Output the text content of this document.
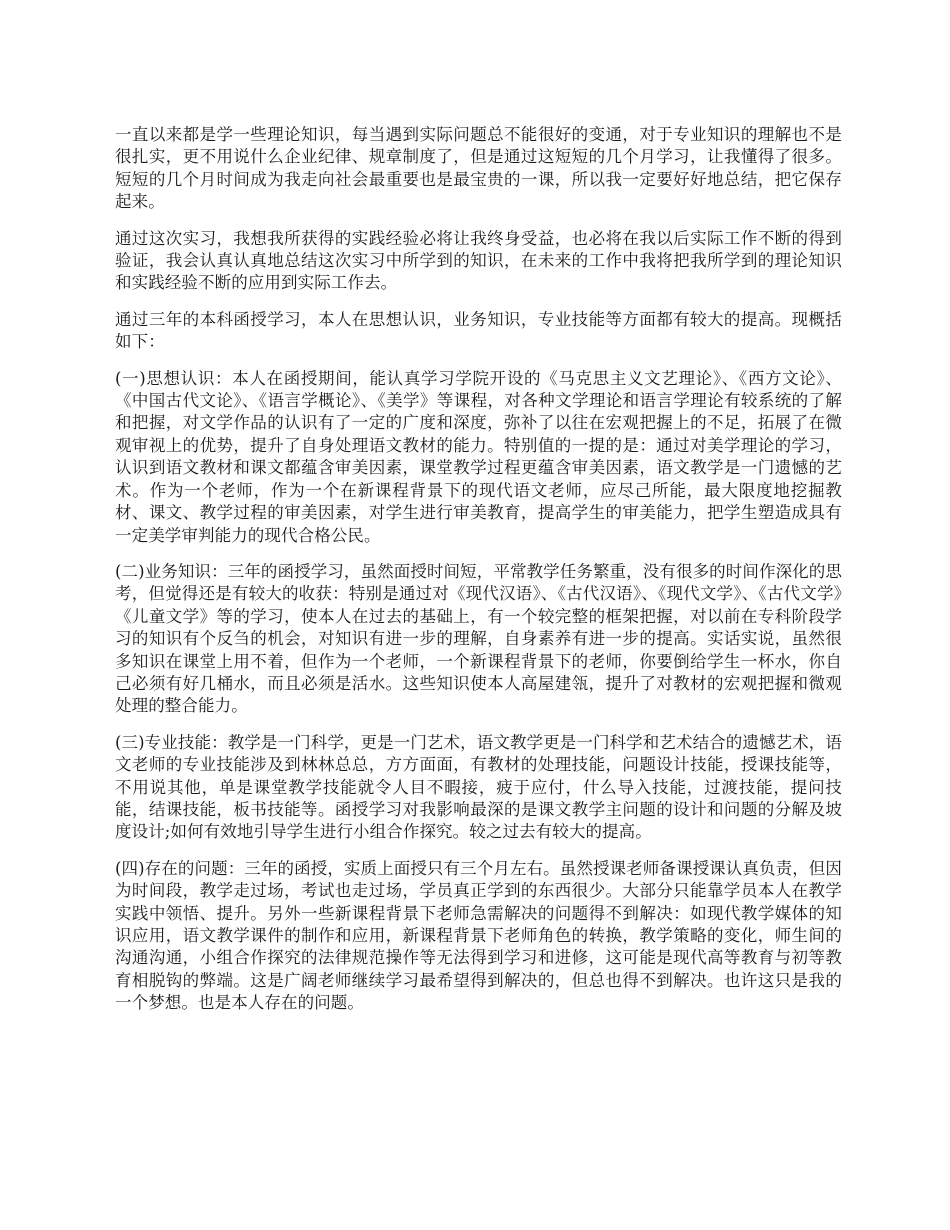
一直以来都是学一些理论知识，每当遇到实际问题总不能很好的变通，对于专业知识的理解也不是很扎实，更不用说什么企业纪律、规章制度了，但是通过这短短的几个月学习，让我懂得了很多。短短的几个月时间成为我走向社会最重要也是最宝贵的一课，所以我一定要好好地总结，把它保存起来。

通过这次实习，我想我所获得的实践经验必将让我终身受益，也必将在我以后实际工作不断的得到验证，我会认真认真地总结这次实习中所学到的知识，在未来的工作中我将把我所学到的理论知识和实践经验不断的应用到实际工作去。

通过三年的本科函授学习，本人在思想认识，业务知识，专业技能等方面都有较大的提高。现概括如下：

(一)思想认识：本人在函授期间，能认真学习学院开设的《马克思主义文艺理论》、《西方文论》、《中国古代文论》、《语言学概论》、《美学》等课程，对各种文学理论和语言学理论有较系统的了解和把握，对文学作品的认识有了一定的广度和深度，弥补了以往在宏观把握上的不足，拓展了在微观审视上的优势，提升了自身处理语文教材的能力。特别值的一提的是：通过对美学理论的学习，认识到语文教材和课文都蕴含审美因素，课堂教学过程更蕴含审美因素，语文教学是一门遗憾的艺术。作为一个老师，作为一个在新课程背景下的现代语文老师，应尽己所能，最大限度地挖掘教材、课文、教学过程的审美因素，对学生进行审美教育，提高学生的审美能力，把学生塑造成具有一定美学审判能力的现代合格公民。

(二)业务知识：三年的函授学习，虽然面授时间短，平常教学任务繁重，没有很多的时间作深化的思考，但觉得还是有较大的收获：特别是通过对《现代汉语》、《古代汉语》、《现代文学》、《古代文学》《儿童文学》等的学习，使本人在过去的基础上，有一个较完整的框架把握，对以前在专科阶段学习的知识有个反刍的机会，对知识有进一步的理解，自身素养有进一步的提高。实话实说，虽然很多知识在课堂上用不着，但作为一个老师，一个新课程背景下的老师，你要倒给学生一杯水，你自己必须有好几桶水，而且必须是活水。这些知识使本人高屋建瓴，提升了对教材的宏观把握和微观处理的整合能力。

(三)专业技能：教学是一门科学，更是一门艺术，语文教学更是一门科学和艺术结合的遗憾艺术，语文老师的专业技能涉及到林林总总，方方面面，有教材的处理技能，问题设计技能，授课技能等，不用说其他，单是课堂教学技能就令人目不暇接，疲于应付，什么导入技能，过渡技能，提问技能，结课技能，板书技能等。函授学习对我影响最深的是课文教学主问题的设计和问题的分解及坡度设计;如何有效地引导学生进行小组合作探究。较之过去有较大的提高。

(四)存在的问题：三年的函授，实质上面授只有三个月左右。虽然授课老师备课授课认真负责，但因为时间段，教学走过场，考试也走过场，学员真正学到的东西很少。大部分只能靠学员本人在教学实践中领悟、提升。另外一些新课程背景下老师急需解决的问题得不到解决：如现代教学媒体的知识应用，语文教学课件的制作和应用，新课程背景下老师角色的转换，教学策略的变化，师生间的沟通沟通，小组合作探究的法律规范操作等无法得到学习和进修，这可能是现代高等教育与初等教育相脱钩的弊端。这是广阔老师继续学习最希望得到解决的，但总也得不到解决。也许这只是我的一个梦想。也是本人存在的问题。
